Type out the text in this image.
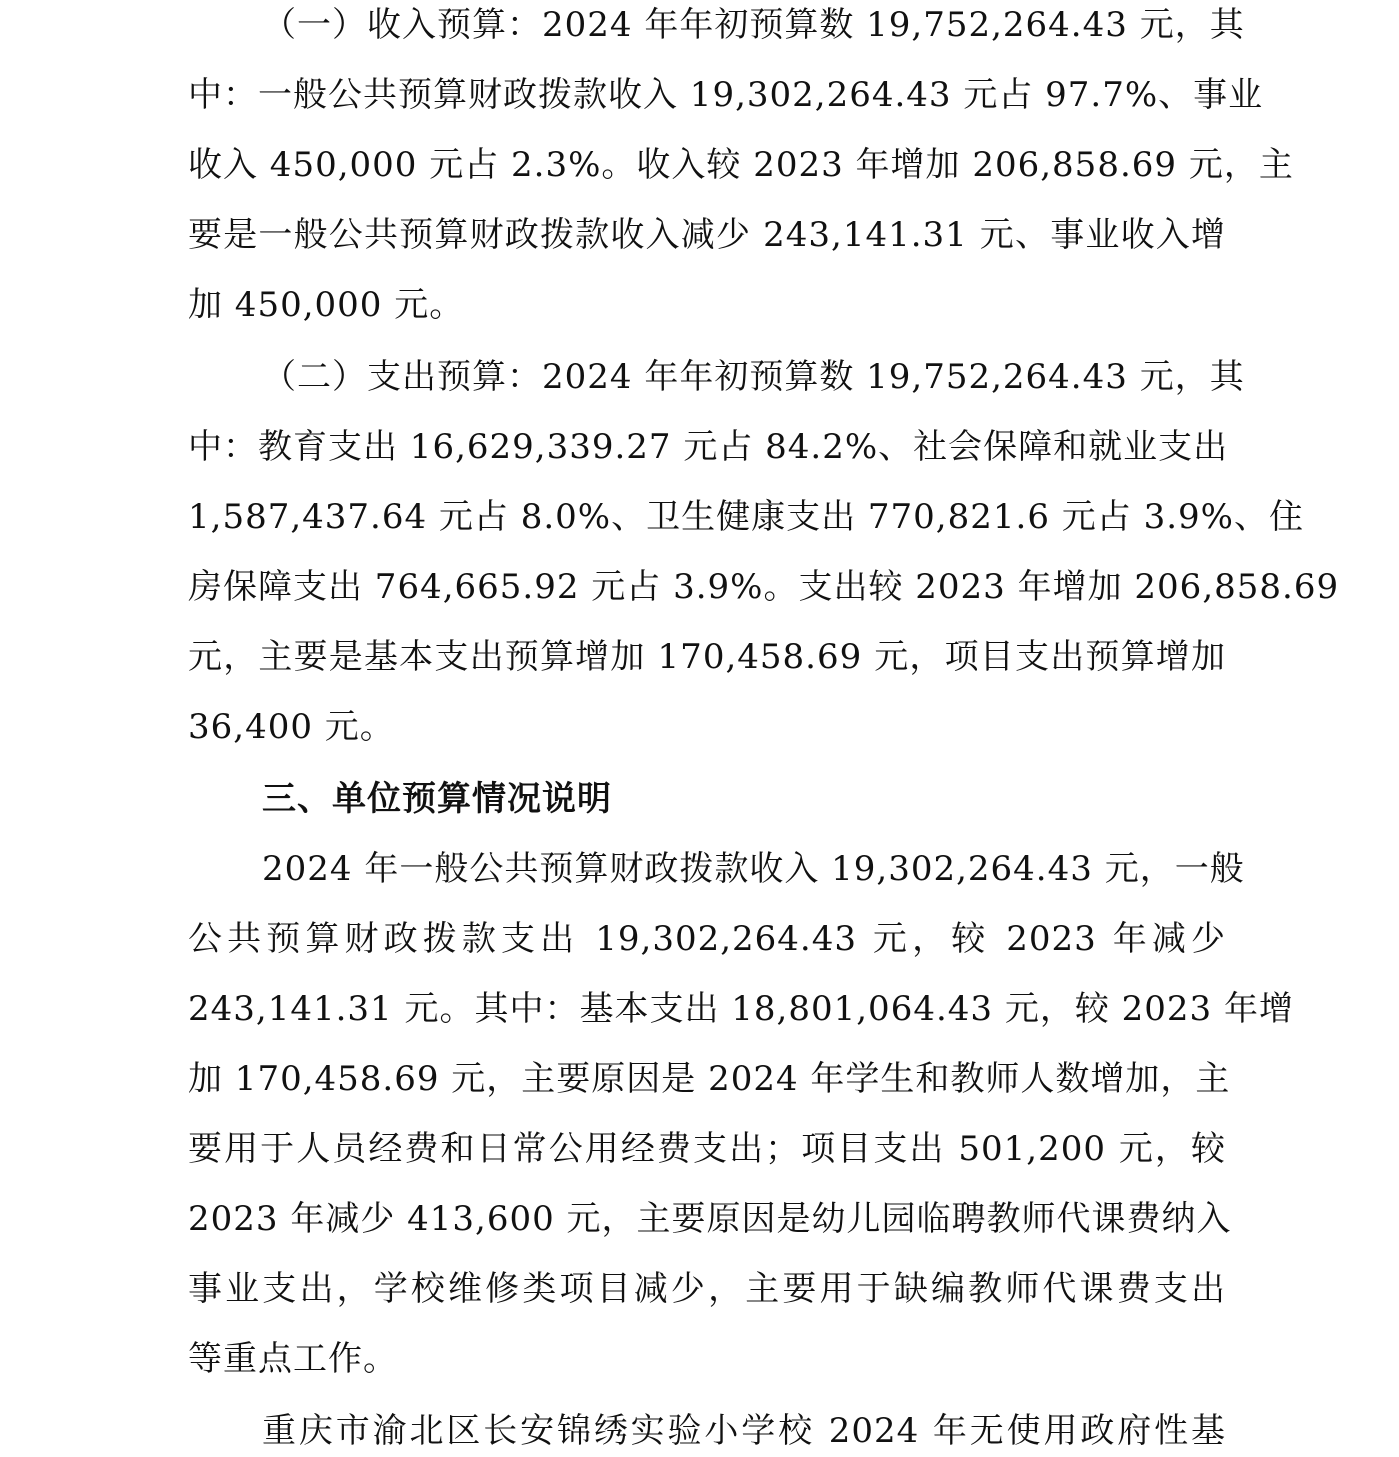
（一）收入预算：2024 年年初预算数 19,752,264.43 元，其
中：一般公共预算财政拨款收入 19,302,264.43 元占 97.7%、事业
收入 450,000 元占 2.3%。收入较 2023 年增加 206,858.69 元，主
要是一般公共预算财政拨款收入减少 243,141.31 元、事业收入增
加 450,000 元。
（二）支出预算：2024 年年初预算数 19,752,264.43 元，其
中：教育支出 16,629,339.27 元占 84.2%、社会保障和就业支出
1,587,437.64 元占 8.0%、卫生健康支出 770,821.6 元占 3.9%、住
房保障支出 764,665.92 元占 3.9%。支出较 2023 年增加 206,858.69
元，主要是基本支出预算增加 170,458.69 元，项目支出预算增加
36,400 元。
三、单位预算情况说明
2024 年一般公共预算财政拨款收入 19,302,264.43 元，一般
公共预算财政拨款支出 19,302,264.43 元，较 2023 年减少
243,141.31 元。其中：基本支出 18,801,064.43 元，较 2023 年增
加 170,458.69 元，主要原因是 2024 年学生和教师人数增加，主
要用于人员经费和日常公用经费支出；项目支出 501,200 元，较
2023 年减少 413,600 元，主要原因是幼儿园临聘教师代课费纳入
事业支出，学校维修类项目减少，主要用于缺编教师代课费支出
等重点工作。
重庆市渝北区长安锦绣实验小学校 2024 年无使用政府性基
